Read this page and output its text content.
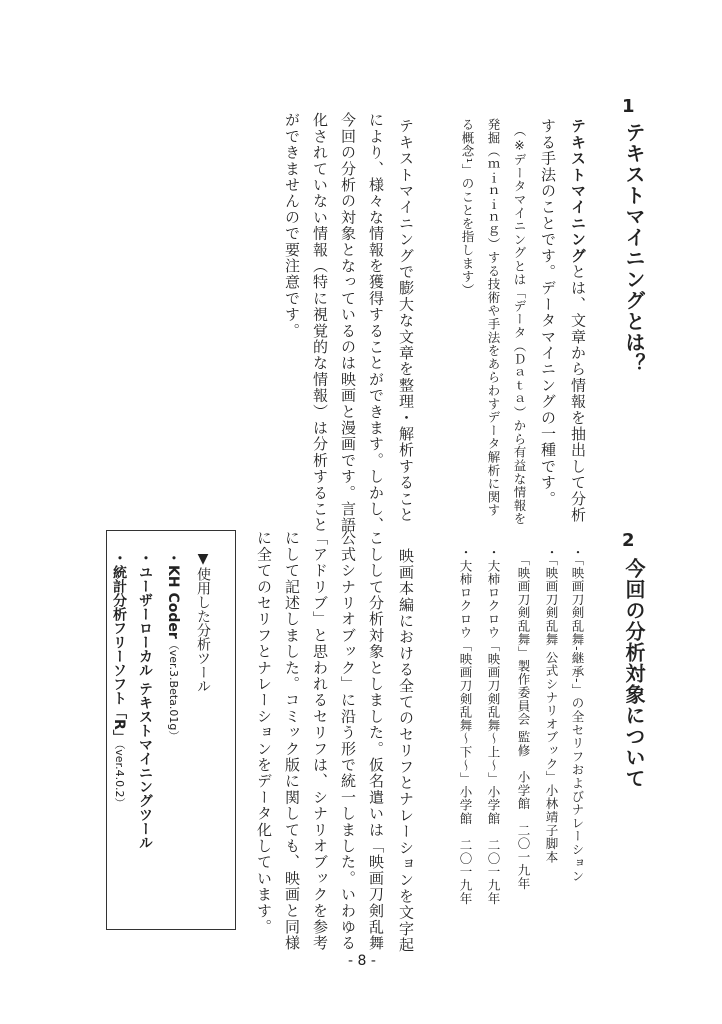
1
テキストマイニングとは？
テキストマイニングとは、文章から情報を抽出して分析
する手法のことです。データマイニングの一種です。
（※データマイニングとは「データ（Ｄａｔａ）から有益な情報を
発掘（ｍｉｎｉｎｇ）する技術や手法をあらわすデータ解析に関す
る概念¹」のことを指します）
テキストマイニングで膨大な文章を整理・解析すること
により、様々な情報を獲得することができます。しかし、
今回の分析の対象となっているのは映画と漫画です。言語
化されていない情報（特に視覚的な情報）は分析すること
ができませんので要注意です。
2
今回の分析対象について
・「映画刀剣乱舞‐継承‐」の全セリフおよびナレーション
・「映画刀剣乱舞 公式シナリオブック」小林靖子脚本
　「映画刀剣乱舞」製作委員会 監修　小学館　二〇一九年
・大柿ロクロウ「映画刀剣乱舞～上～」小学館　二〇一九年
・大柿ロクロウ「映画刀剣乱舞～下～」小学館　二〇一九年
映画本編における全てのセリフとナレーションを文字起
こしして分析対象としました。仮名遣いは「映画刀剣乱舞
公式シナリオブック」に沿う形で統一しました。いわゆる
「アドリブ」と思われるセリフは、シナリオブックを参考
にして記述しました。コミック版に関しても、映画と同様
に全てのセリフとナレーションをデータ化しています。
▼使用した分析ツール
・KH Coder（ver.3.Beta.01g）
・ユーザーローカル テキストマイニングツール
・統計分析フリーソフト「R」（ver.4.0.2）
- 8 -
